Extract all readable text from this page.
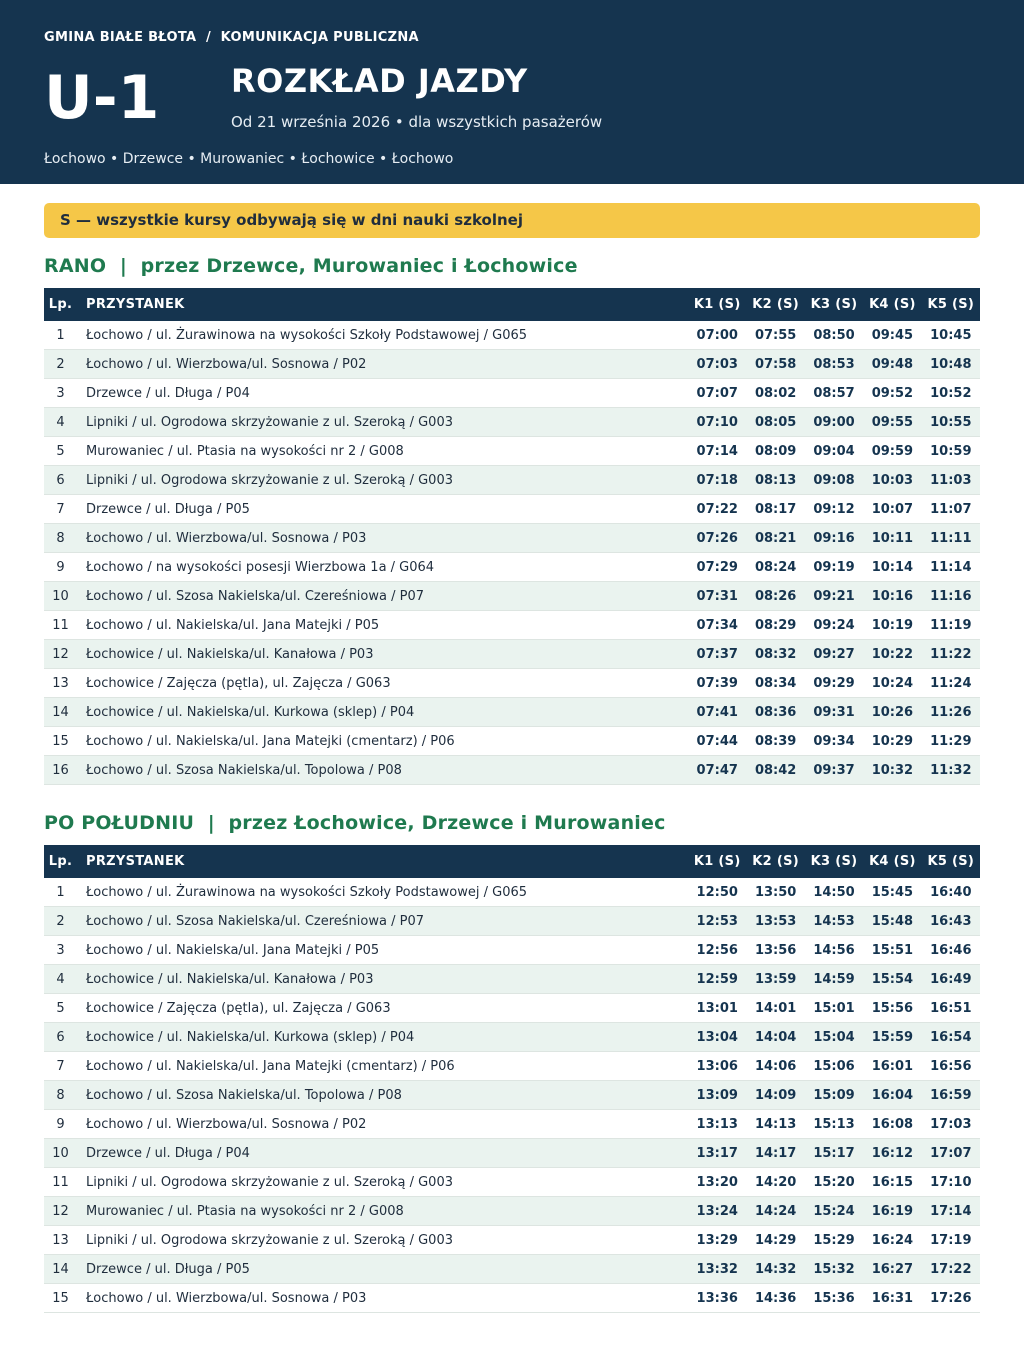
GMINA BIAŁE BŁOTA  /  KOMUNIKACJA PUBLICZNA
U-1 ROZKŁAD JAZDY
Od 21 września 2026 • dla wszystkich pasażerów
Łochowo • Drzewce • Murowaniec • Łochowice • Łochowo
S — wszystkie kursy odbywają się w dni nauki szkolnej
RANO  |  przez Drzewce, Murowaniec i Łochowice
Lp.		PRZYSTANEK	K1 (S)	K2 (S)	K3 (S)	K4 (S)	K5 (S)
1		Łochowo / ul. Żurawinowa na wysokości Szkoły Podstawowej / G065	07:00	07:55	08:50	09:45	10:45
2		Łochowo / ul. Wierzbowa/ul. Sosnowa / P02	07:03	07:58	08:53	09:48	10:48
3		Drzewce / ul. Długa / P04	07:07	08:02	08:57	09:52	10:52
4		Lipniki / ul. Ogrodowa skrzyżowanie z ul. Szeroką / G003	07:10	08:05	09:00	09:55	10:55
5		Murowaniec / ul. Ptasia na wysokości nr 2 / G008	07:14	08:09	09:04	09:59	10:59
6		Lipniki / ul. Ogrodowa skrzyżowanie z ul. Szeroką / G003	07:18	08:13	09:08	10:03	11:03
7		Drzewce / ul. Długa / P05	07:22	08:17	09:12	10:07	11:07
8		Łochowo / ul. Wierzbowa/ul. Sosnowa / P03	07:26	08:21	09:16	10:11	11:11
9		Łochowo / na wysokości posesji Wierzbowa 1a / G064	07:29	08:24	09:19	10:14	11:14
10		Łochowo / ul. Szosa Nakielska/ul. Czereśniowa / P07	07:31	08:26	09:21	10:16	11:16
11		Łochowo / ul. Nakielska/ul. Jana Matejki / P05	07:34	08:29	09:24	10:19	11:19
12		Łochowice / ul. Nakielska/ul. Kanałowa / P03	07:37	08:32	09:27	10:22	11:22
13		Łochowice / Zajęcza (pętla), ul. Zajęcza / G063	07:39	08:34	09:29	10:24	11:24
14		Łochowice / ul. Nakielska/ul. Kurkowa (sklep) / P04	07:41	08:36	09:31	10:26	11:26
15		Łochowo / ul. Nakielska/ul. Jana Matejki (cmentarz) / P06	07:44	08:39	09:34	10:29	11:29
16		Łochowo / ul. Szosa Nakielska/ul. Topolowa / P08	07:47	08:42	09:37	10:32	11:32
PO POŁUDNIU  |  przez Łochowice, Drzewce i Murowaniec
Lp.		PRZYSTANEK	K1 (S)	K2 (S)	K3 (S)	K4 (S)	K5 (S)
1		Łochowo / ul. Żurawinowa na wysokości Szkoły Podstawowej / G065	12:50	13:50	14:50	15:45	16:40
2		Łochowo / ul. Szosa Nakielska/ul. Czereśniowa / P07	12:53	13:53	14:53	15:48	16:43
3		Łochowo / ul. Nakielska/ul. Jana Matejki / P05	12:56	13:56	14:56	15:51	16:46
4		Łochowice / ul. Nakielska/ul. Kanałowa / P03	12:59	13:59	14:59	15:54	16:49
5		Łochowice / Zajęcza (pętla), ul. Zajęcza / G063	13:01	14:01	15:01	15:56	16:51
6		Łochowice / ul. Nakielska/ul. Kurkowa (sklep) / P04	13:04	14:04	15:04	15:59	16:54
7		Łochowo / ul. Nakielska/ul. Jana Matejki (cmentarz) / P06	13:06	14:06	15:06	16:01	16:56
8		Łochowo / ul. Szosa Nakielska/ul. Topolowa / P08	13:09	14:09	15:09	16:04	16:59
9		Łochowo / ul. Wierzbowa/ul. Sosnowa / P02	13:13	14:13	15:13	16:08	17:03
10		Drzewce / ul. Długa / P04	13:17	14:17	15:17	16:12	17:07
11		Lipniki / ul. Ogrodowa skrzyżowanie z ul. Szeroką / G003	13:20	14:20	15:20	16:15	17:10
12		Murowaniec / ul. Ptasia na wysokości nr 2 / G008	13:24	14:24	15:24	16:19	17:14
13		Lipniki / ul. Ogrodowa skrzyżowanie z ul. Szeroką / G003	13:29	14:29	15:29	16:24	17:19
14		Drzewce / ul. Długa / P05	13:32	14:32	15:32	16:27	17:22
15		Łochowo / ul. Wierzbowa/ul. Sosnowa / P03	13:36	14:36	15:36	16:31	17:26
